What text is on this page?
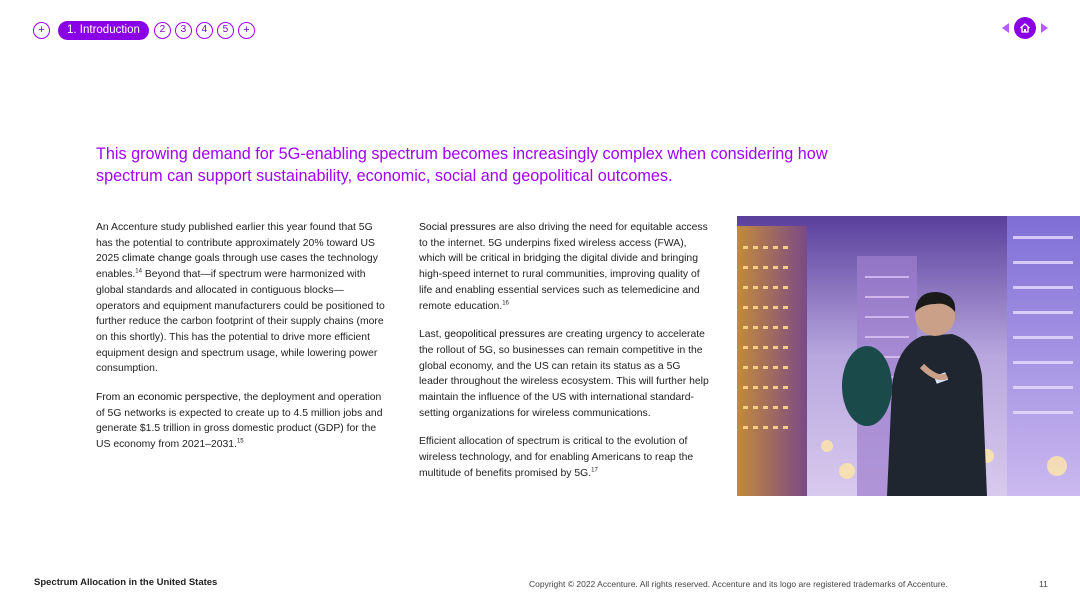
+ 1. Introduction 2 3 4 5 +
This growing demand for 5G-enabling spectrum becomes increasingly complex when considering how spectrum can support sustainability, economic, social and geopolitical outcomes.

An Accenture study published earlier this year found that 5G has the potential to contribute approximately 20% toward US 2025 climate change goals through use cases the technology enables.$^{14}$ Beyond that—if spectrum were harmonized with global standards and allocated in contiguous blocks—operators and equipment manufacturers could be positioned to further reduce the carbon footprint of their supply chains (more on this shortly). This has the potential to drive more efficient equipment design and spectrum usage, while lowering power consumption.

From an economic perspective, the deployment and operation of 5G networks is expected to create up to 4.5 million jobs and generate $1.5 trillion in gross domestic product (GDP) for the US economy from 2021–2031.15

Social pressures are also driving the need for equitable access to the internet. 5G underpins fixed wireless access (FWA), which will be critical in bridging the digital divide and bringing high-speed internet to rural communities, improving quality of life and enabling essential services such as telemedicine and remote education.$^{16}$

Last, geopolitical pressures are creating urgency to accelerate the rollout of 5G, so businesses can remain competitive in the global economy, and the US can retain its status as a 5G leader throughout the wireless ecosystem. This will further help maintain the influence of the US with international standard-setting organizations for wireless communications.

Efficient allocation of spectrum is critical to the evolution of wireless technology, and for enabling Americans to reap the multitude of benefits promised by 5G.$^{17}$

Spectrum Allocation in the United States	Copyright © 2022 Accenture. All rights reserved. Accenture and its logo are registered trademarks of Accenture.	11
